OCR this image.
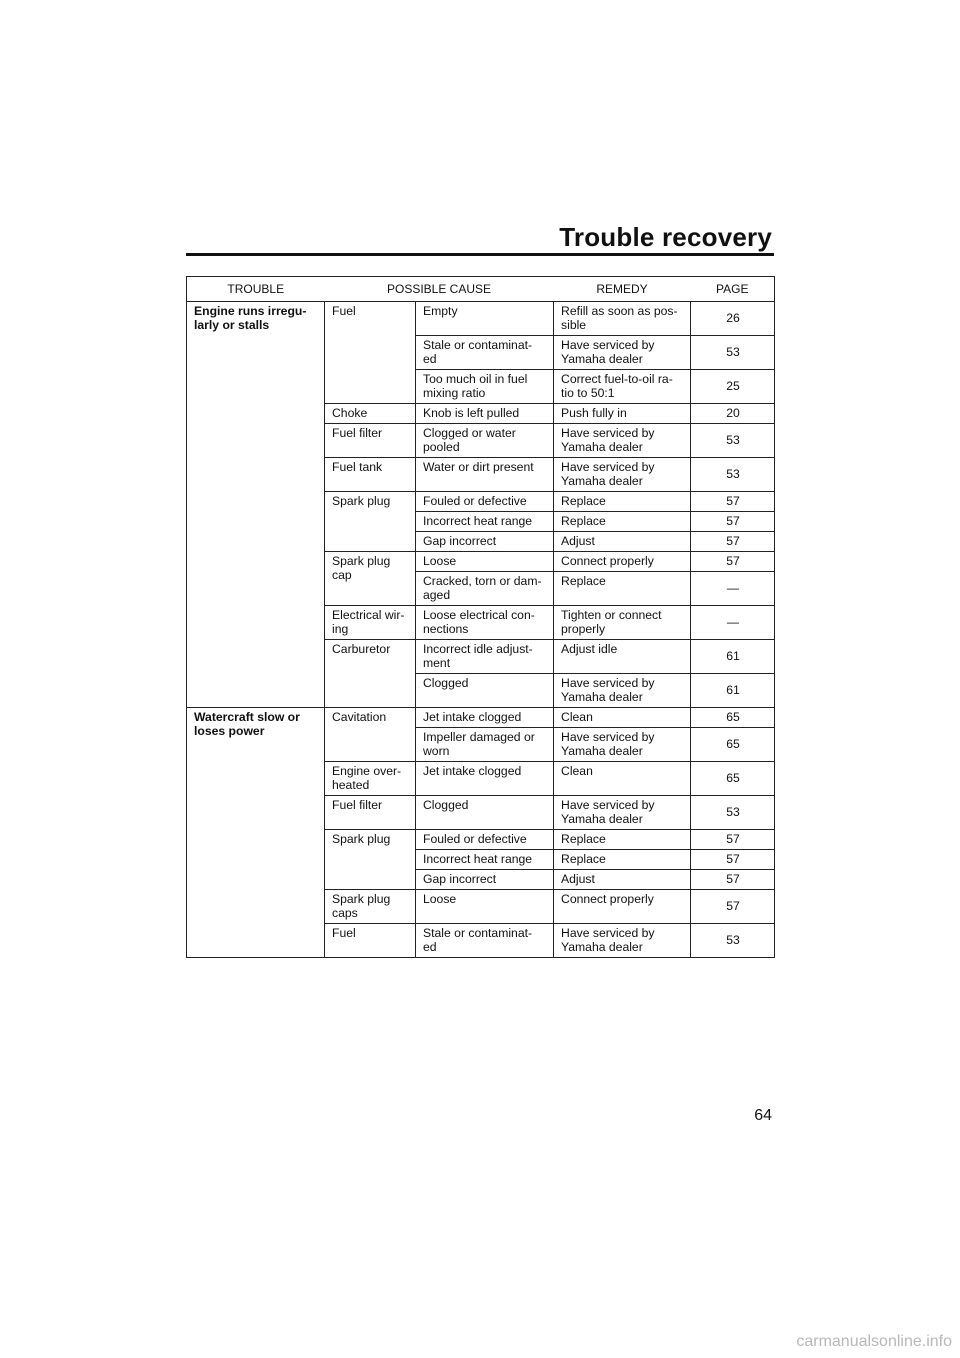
Trouble recovery
TROUBLE	POSSIBLE CAUSE		REMEDY	PAGE
Engine runs irregu- larly or stalls	Fuel	Empty	Refill as soon as pos- sible	26
		Stale or contaminat- ed	Have serviced by Yamaha dealer	53
		Too much oil in fuel mixing ratio	Correct fuel-to-oil ra- tio to 50:1	25
	Choke	Knob is left pulled	Push fully in	20
	Fuel filter	Clogged or water pooled	Have serviced by Yamaha dealer	53
	Fuel tank	Water or dirt present	Have serviced by Yamaha dealer	53
	Spark plug	Fouled or defective	Replace	57
		Incorrect heat range	Replace	57
		Gap incorrect	Adjust	57
	Spark plug cap	Loose	Connect properly	57
		Cracked, torn or dam- aged	Replace	—
	Electrical wir- ing	Loose electrical con- nections	Tighten or connect properly	—
	Carburetor	Incorrect idle adjust- ment	Adjust idle	61
		Clogged	Have serviced by Yamaha dealer	61
Watercraft slow or loses power	Cavitation	Jet intake clogged	Clean	65
		Impeller damaged or worn	Have serviced by Yamaha dealer	65
	Engine over- heated	Jet intake clogged	Clean	65
	Fuel filter	Clogged	Have serviced by Yamaha dealer	53
	Spark plug	Fouled or defective	Replace	57
		Incorrect heat range	Replace	57
		Gap incorrect	Adjust	57
	Spark plug caps	Loose	Connect properly	57
	Fuel	Stale or contaminat- ed	Have serviced by Yamaha dealer	53
64
carmanualsonline.info
